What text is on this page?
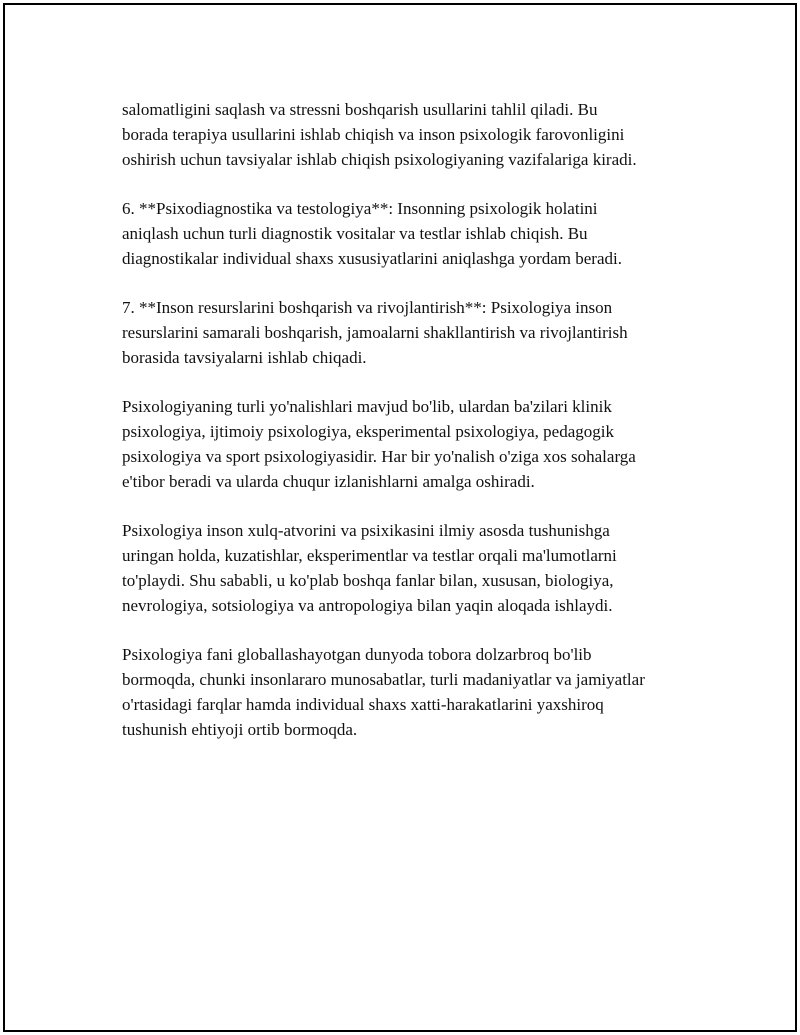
salomatligini saqlash va stressni boshqarish usullarini tahlil qiladi. Bu
borada terapiya usullarini ishlab chiqish va inson psixologik farovonligini
oshirish uchun tavsiyalar ishlab chiqish psixologiyaning vazifalariga kiradi.

6. **Psixodiagnostika va testologiya**: Insonning psixologik holatini
aniqlash uchun turli diagnostik vositalar va testlar ishlab chiqish. Bu
diagnostikalar individual shaxs xususiyatlarini aniqlashga yordam beradi.

7. **Inson resurslarini boshqarish va rivojlantirish**: Psixologiya inson
resurslarini samarali boshqarish, jamoalarni shakllantirish va rivojlantirish
borasida tavsiyalarni ishlab chiqadi.

Psixologiyaning turli yo'nalishlari mavjud bo'lib, ulardan ba'zilari klinik
psixologiya, ijtimoiy psixologiya, eksperimental psixologiya, pedagogik
psixologiya va sport psixologiyasidir. Har bir yo'nalish o'ziga xos sohalarga
e'tibor beradi va ularda chuqur izlanishlarni amalga oshiradi.

Psixologiya inson xulq-atvorini va psixikasini ilmiy asosda tushunishga
uringan holda, kuzatishlar, eksperimentlar va testlar orqali ma'lumotlarni
to'playdi. Shu sababli, u ko'plab boshqa fanlar bilan, xususan, biologiya,
nevrologiya, sotsiologiya va antropologiya bilan yaqin aloqada ishlaydi.

Psixologiya fani globallashayotgan dunyoda tobora dolzarbroq bo'lib
bormoqda, chunki insonlararo munosabatlar, turli madaniyatlar va jamiyatlar
o'rtasidagi farqlar hamda individual shaxs xatti-harakatlarini yaxshiroq
tushunish ehtiyoji ortib bormoqda.
